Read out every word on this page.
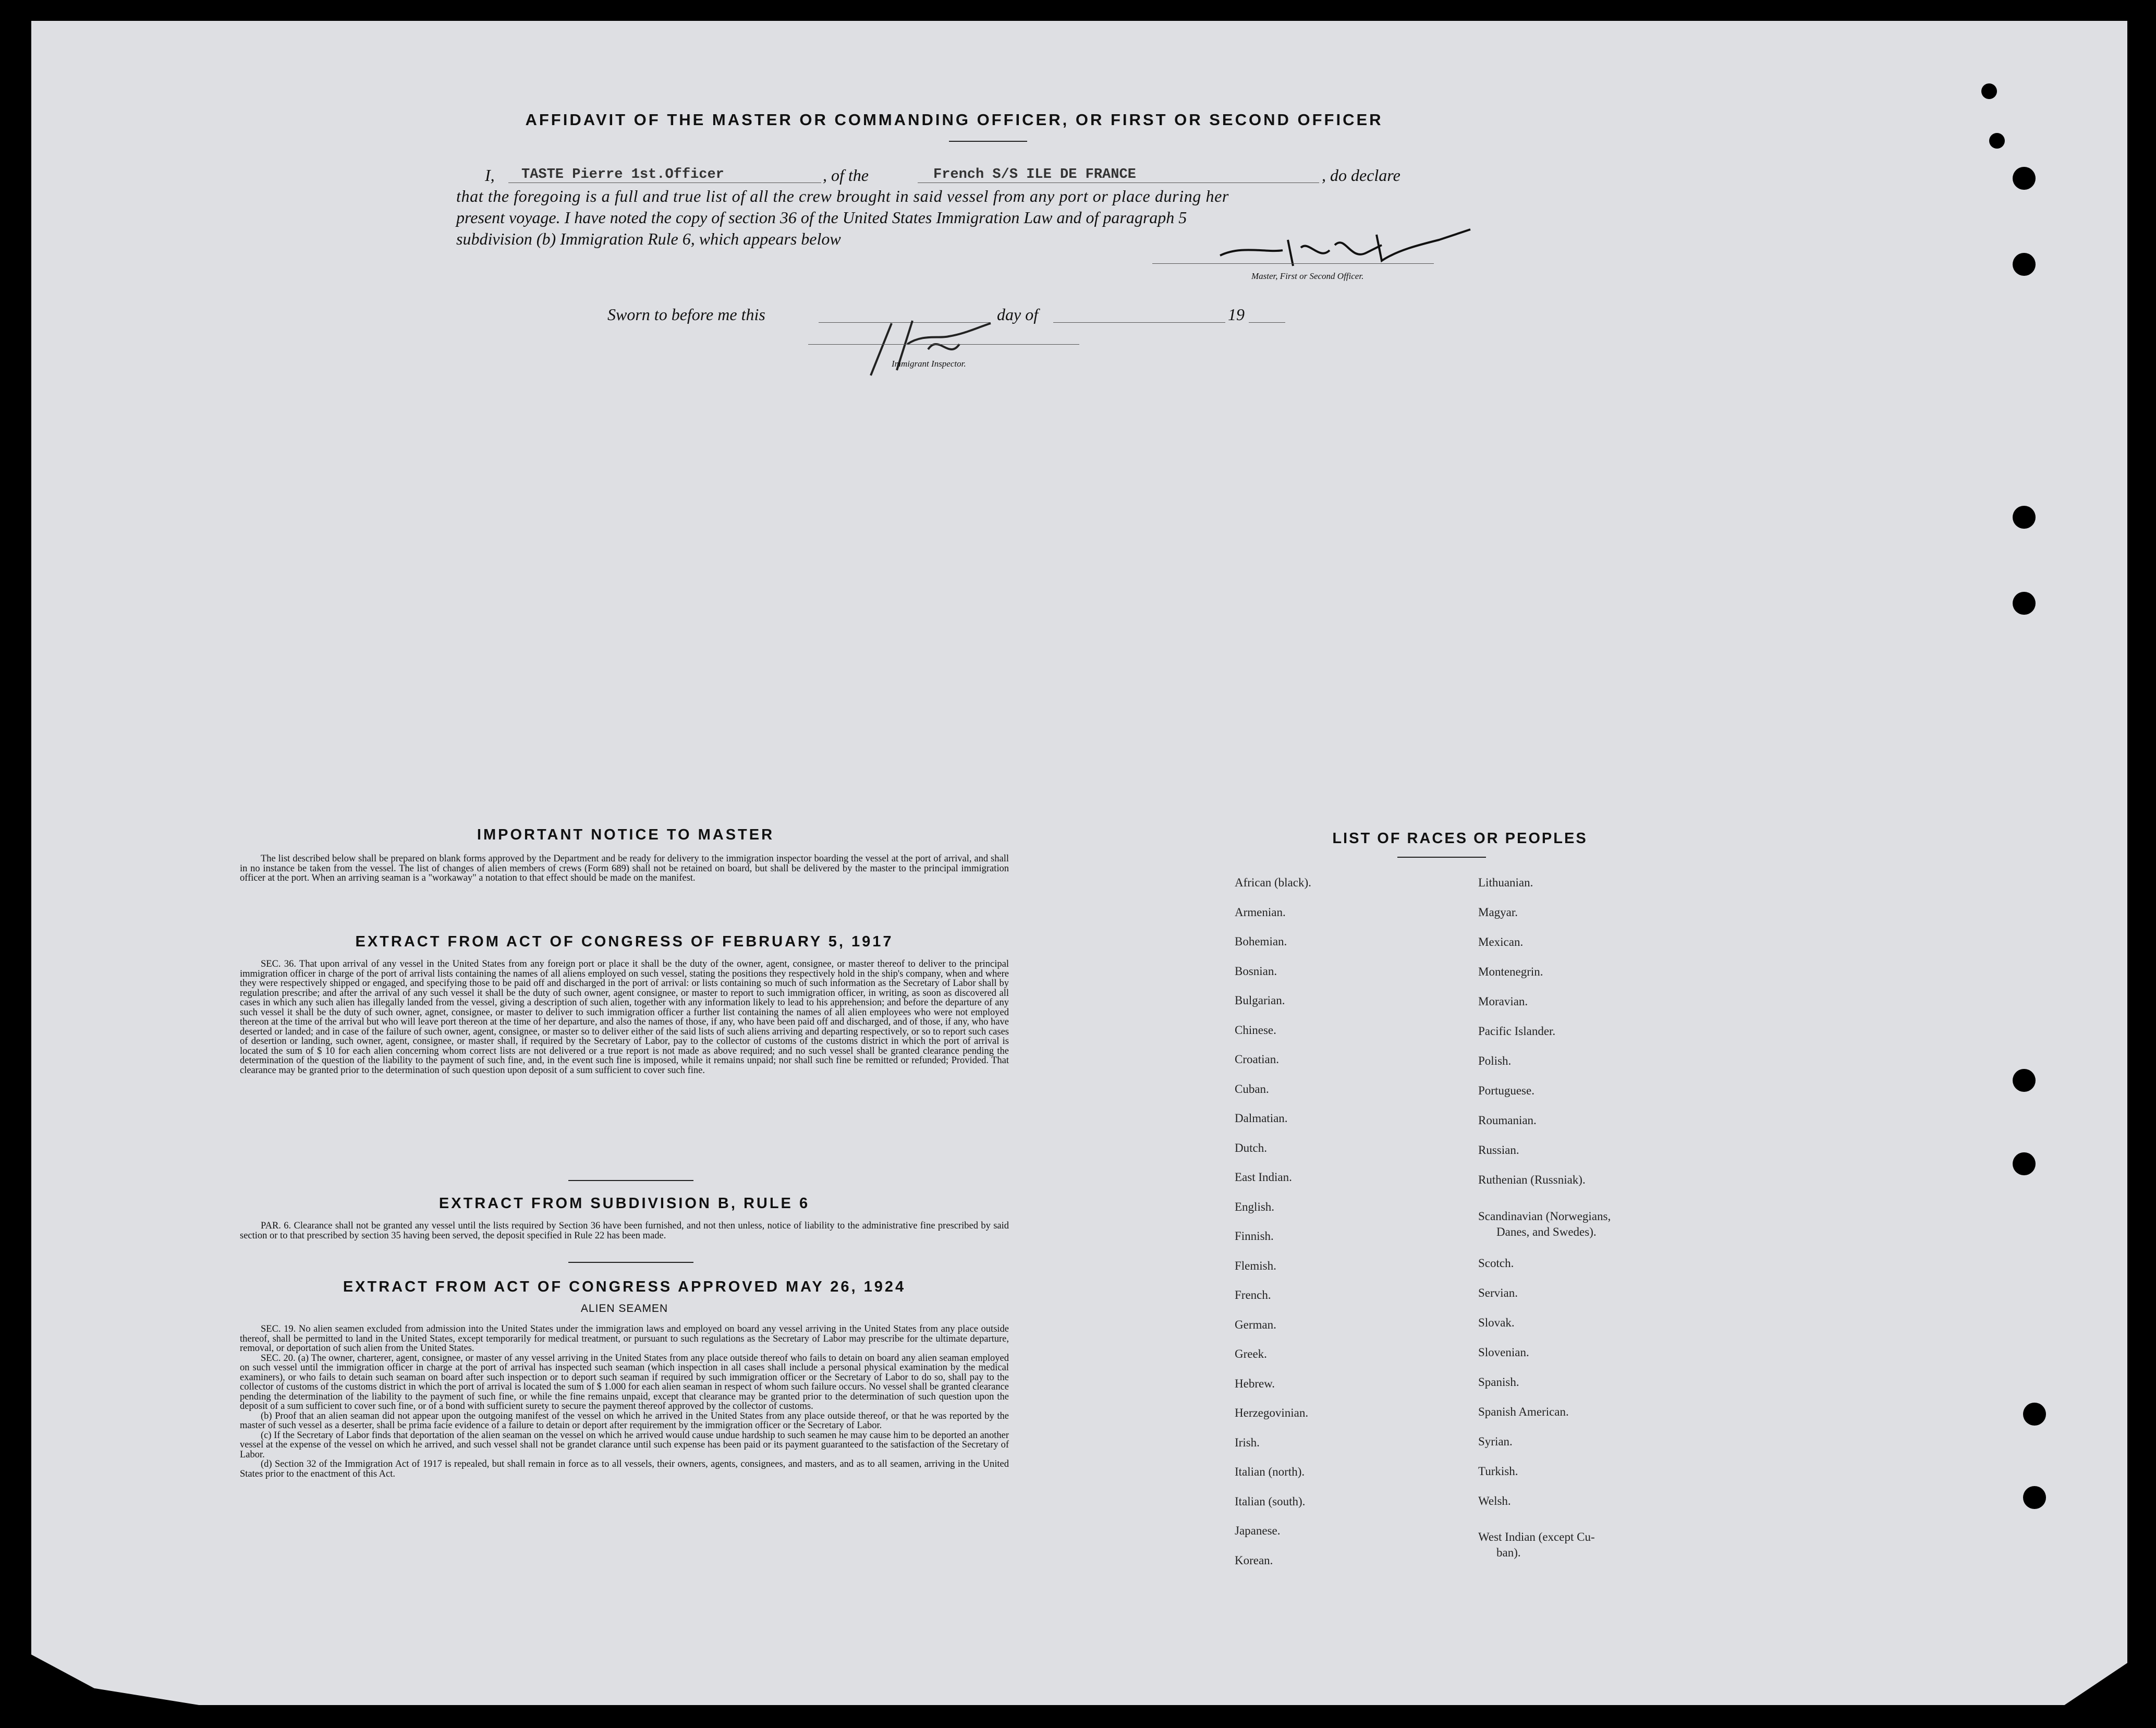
AFFIDAVIT OF THE MASTER OR COMMANDING OFFICER, OR FIRST OR SECOND OFFICER
I, TASTE Pierre 1st.Officer	, of the	French S/S ILE DE FRANCE	, do declare
that the foregoing is a full and true list of all the crew brought in said vessel from any port or place during her
present voyage. I have noted the copy of section 36 of the United States Immigration Law and of paragraph 5
subdivision (b) Immigration Rule 6, which appears below
Master, First or Second Officer.
Sworn to before me this	day of	19
Immigrant Inspector.
IMPORTANT NOTICE TO MASTER
The list described below shall be prepared on blank forms approved by the Department and be ready for delivery to the immigration inspector boarding the vessel at the port of arrival, and shall in no instance be taken from the vessel. The list of changes of alien members of crews (Form 689) shall not be retained on board, but shall be delivered by the master to the principal immigration officer at the port. When an arriving seaman is a "workaway" a notation to that effect should be made on the manifest.
EXTRACT FROM ACT OF CONGRESS OF FEBRUARY 5, 1917
SEC. 36. That upon arrival of any vessel in the United States from any foreign port or place it shall be the duty of the owner, agent, consignee, or master thereof to deliver to the principal immigration officer in charge of the port of arrival lists containing the names of all aliens employed on such vessel, stating the positions they respectively hold in the ship's company, when and where they were respectively shipped or engaged, and specifying those to be paid off and discharged in the port of arrival: or lists containing so much of such information as the Secretary of Labor shall by regulation prescribe; and after the arrival of any such vessel it shall be the duty of such owner, agent consignee, or master to report to such immigration officer, in writing, as soon as discovered all cases in which any such alien has illegally landed from the vessel, giving a description of such alien, together with any information likely to lead to his apprehension; and before the departure of any such vessel it shall be the duty of such owner, agnet, consignee, or master to deliver to such immigration officer a further list containing the names of all alien employees who were not employed thereon at the time of the arrival but who will leave port thereon at the time of her departure, and also the names of those, if any, who have been paid off and discharged, and of those, if any, who have deserted or landed; and in case of the failure of such owner, agent, consignee, or master so to deliver either of the said lists of such aliens arriving and departing respectively, or so to report such cases of desertion or landing, such owner, agent, consignee, or master shall, if required by the Secretary of Labor, pay to the collector of customs of the customs district in which the port of arrival is located the sum of $ 10 for each alien concerning whom correct lists are not delivered or a true report is not made as above required; and no such vessel shall be granted clearance pending the determination of the question of the liability to the payment of such fine, and, in the event such fine is imposed, while it remains unpaid; nor shall such fine be remitted or refunded; Provided. That clearance may be granted prior to the determination of such question upon deposit of a sum sufficient to cover such fine.
EXTRACT FROM SUBDIVISION B, RULE 6
PAR. 6. Clearance shall not be granted any vessel until the lists required by Section 36 have been furnished, and not then unless, notice of liability to the administrative fine prescribed by said section or to that prescribed by section 35 having been served, the deposit specified in Rule 22 has been made.
EXTRACT FROM ACT OF CONGRESS APPROVED MAY 26, 1924
ALIEN SEAMEN
SEC. 19. No alien seamen excluded from admission into the United States under the immigration laws and employed on board any vessel arriving in the United States from any place outside thereof, shall be permitted to land in the United States, except temporarily for medical treatment, or pursuant to such regulations as the Secretary of Labor may prescribe for the ultimate departure, removal, or deportation of such alien from the United States.
SEC. 20. (a) The owner, charterer, agent, consignee, or master of any vessel arriving in the United States from any place outside thereof who fails to detain on board any alien seaman employed on such vessel until the immigration officer in charge at the port of arrival has inspected such seaman (which inspection in all cases shall include a personal physical examination by the medical examiners), or who fails to detain such seaman on board after such inspection or to deport such seaman if required by such immigration officer or the Secretary of Labor to do so, shall pay to the collector of customs of the customs district in which the port of arrival is located the sum of $ 1.000 for each alien seaman in respect of whom such failure occurs. No vessel shall be granted clearance pending the determination of the liability to the payment of such fine, or while the fine remains unpaid, except that clearance may be granted prior to the determination of such question upon the deposit of a sum sufficient to cover such fine, or of a bond with sufficient surety to secure the payment thereof approved by the collector of customs.
(b) Proof that an alien seaman did not appear upon the outgoing manifest of the vessel on which he arrived in the United States from any place outside thereof, or that he was reported by the master of such vessel as a deserter, shall be prima facie evidence of a failure to detain or deport after requirement by the immigration officer or the Secretary of Labor.
(c) If the Secretary of Labor finds that deportation of the alien seaman on the vessel on which he arrived would cause undue hardship to such seamen he may cause him to be deported an another vessel at the expense of the vessel on which he arrived, and such vessel shall not be grandet clarance until such expense has been paid or its payment guaranteed to the satisfaction of the Secretary of Labor.
(d) Section 32 of the Immigration Act of 1917 is repealed, but shall remain in force as to all vessels, their owners, agents, consignees, and masters, and as to all seamen, arriving in the United States prior to the enactment of this Act.
LIST OF RACES OR PEOPLES
African (black).
Armenian.
Bohemian.
Bosnian.
Bulgarian.
Chinese.
Croatian.
Cuban.
Dalmatian.
Dutch.
East Indian.
English.
Finnish.
Flemish.
French.
German.
Greek.
Hebrew.
Herzegovinian.
Irish.
Italian (north).
Italian (south).
Japanese.
Korean.
Lithuanian.
Magyar.
Mexican.
Montenegrin.
Moravian.
Pacific Islander.
Polish.
Portuguese.
Roumanian.
Russian.
Ruthenian (Russniak).
Scandinavian (Norwegians,
Danes, and Swedes).
Scotch.
Servian.
Slovak.
Slovenian.
Spanish.
Spanish American.
Syrian.
Turkish.
Welsh.
West Indian (except Cu-
ban).
